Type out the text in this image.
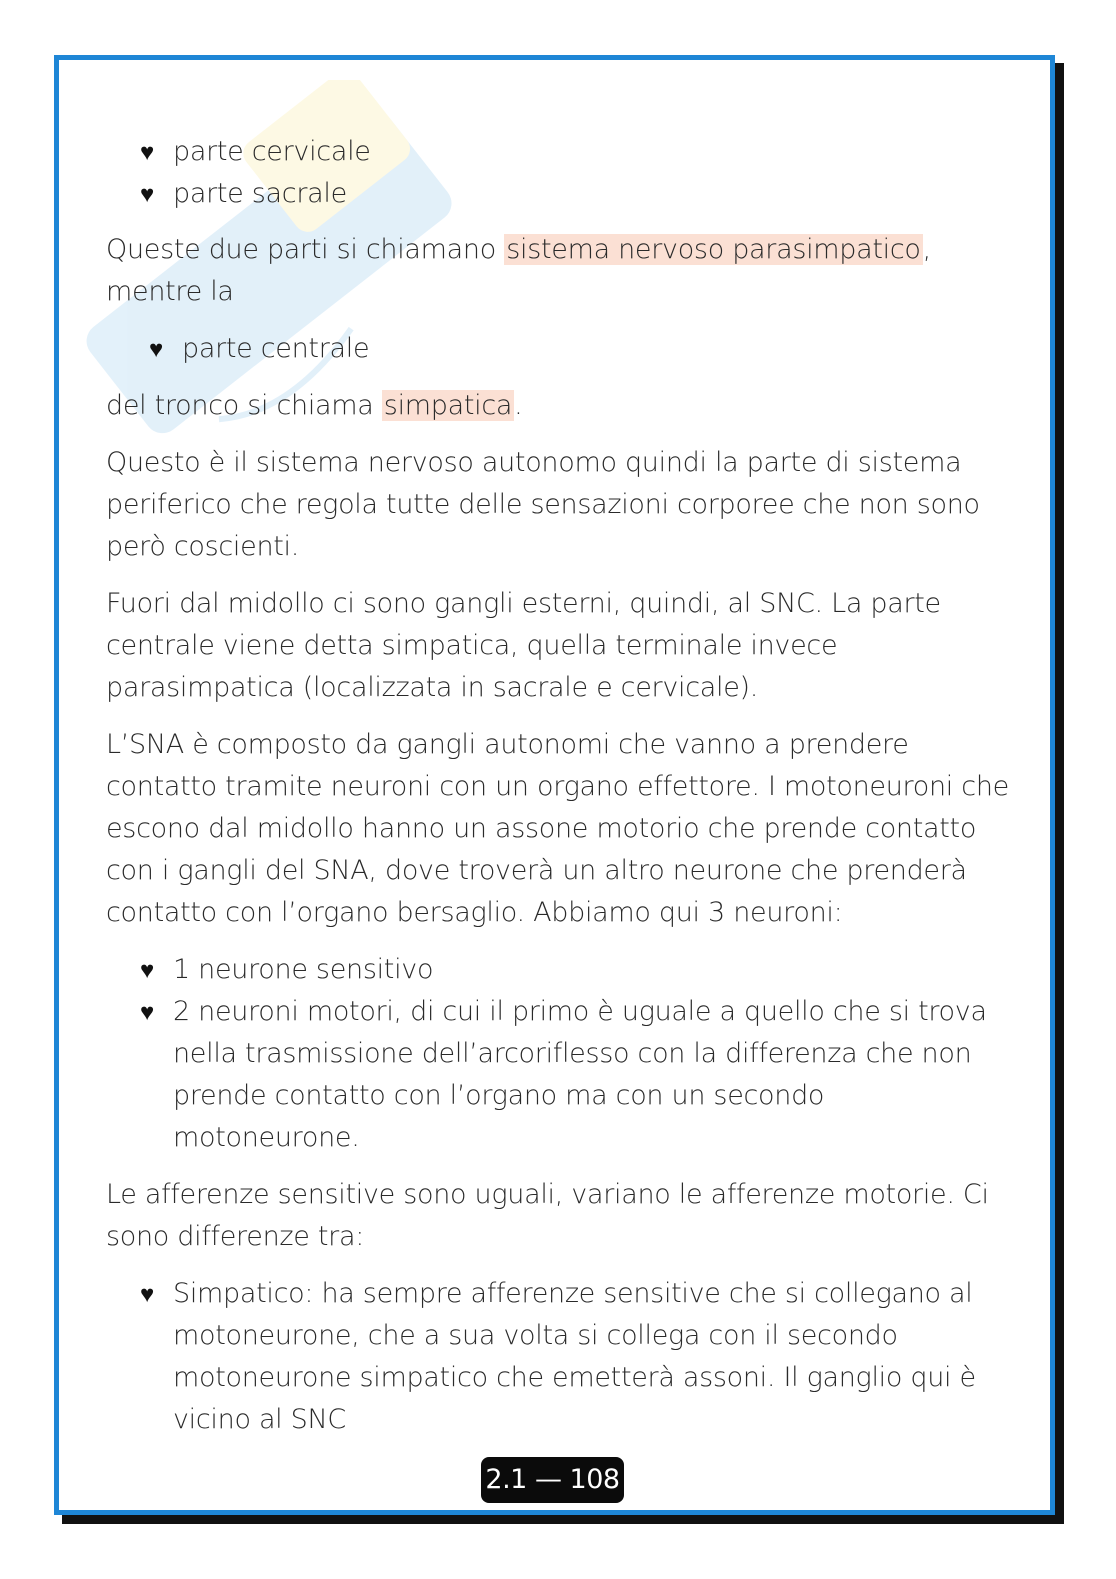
♥ parte cervicale
♥ parte sacrale

Queste due parti si chiamano sistema nervoso parasimpatico, mentre la

♥ parte centrale

del tronco si chiama simpatica.

Questo è il sistema nervoso autonomo quindi la parte di sistema periferico che regola tutte delle sensazioni corporee che non sono però coscienti.

Fuori dal midollo ci sono gangli esterni, quindi, al SNC. La parte centrale viene detta simpatica, quella terminale invece parasimpatica (localizzata in sacrale e cervicale).

L’SNA è composto da gangli autonomi che vanno a prendere contatto tramite neuroni con un organo effettore. I motoneuroni che escono dal midollo hanno un assone motorio che prende contatto con i gangli del SNA, dove troverà un altro neurone che prenderà contatto con l’organo bersaglio. Abbiamo qui 3 neuroni:

♥ 1 neurone sensitivo
♥ 2 neuroni motori, di cui il primo è uguale a quello che si trova nella trasmissione dell’arcoriflesso con la differenza che non prende contatto con l’organo ma con un secondo motoneurone.

Le afferenze sensitive sono uguali, variano le afferenze motorie. Ci sono differenze tra:

♥ Simpatico: ha sempre afferenze sensitive che si collegano al motoneurone, che a sua volta si collega con il secondo motoneurone simpatico che emetterà assoni. Il ganglio qui è vicino al SNC
2.1 — 108
